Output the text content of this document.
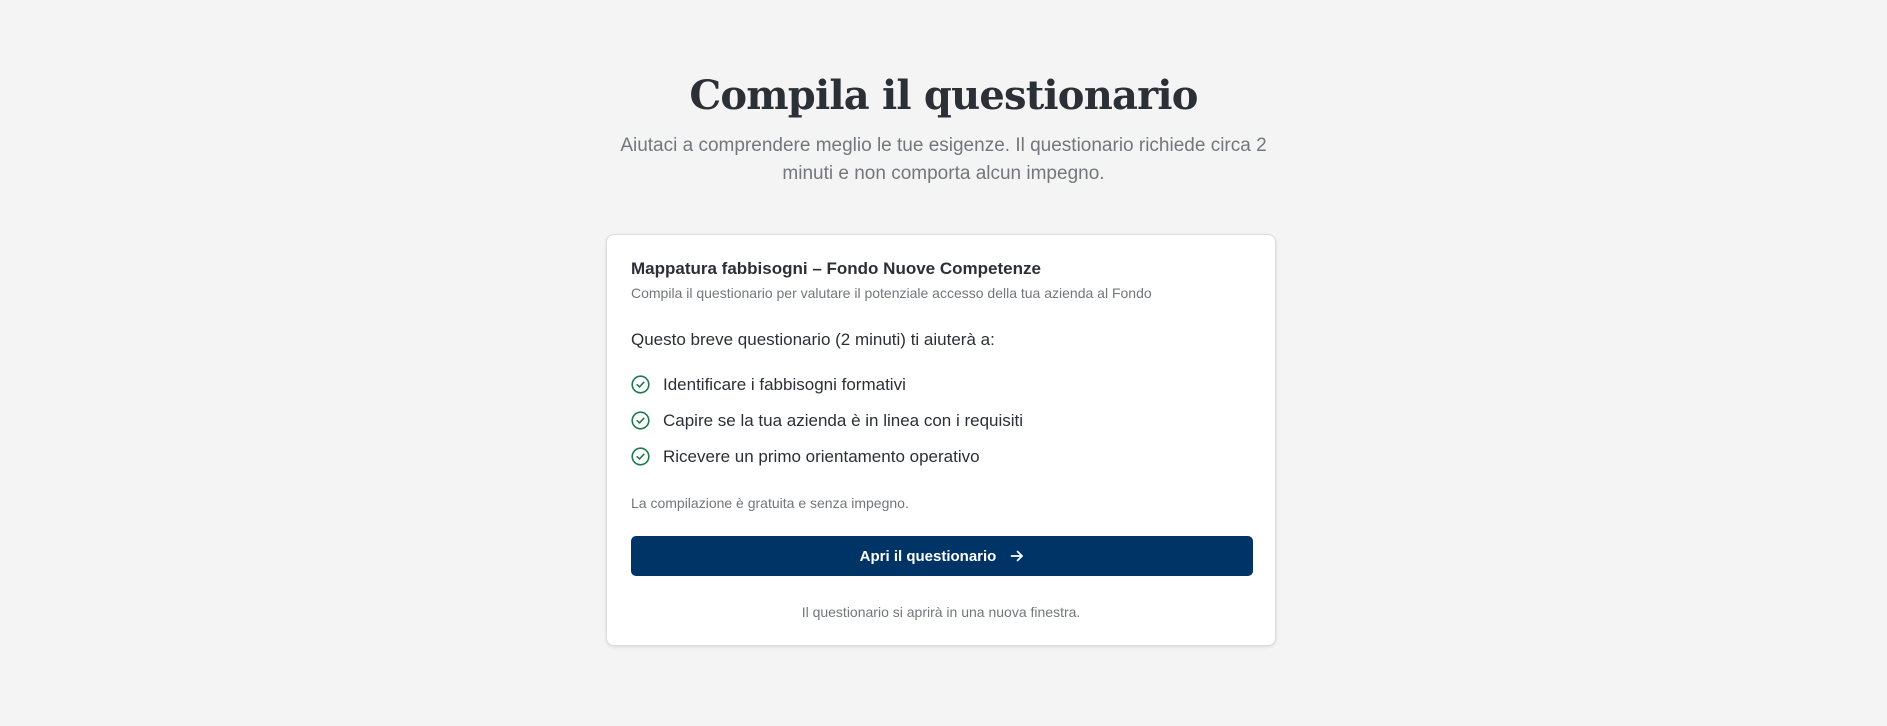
Compila il questionario

Aiutaci a comprendere meglio le tue esigenze. Il questionario richiede circa 2 minuti e non comporta alcun impegno.

Mappatura fabbisogni – Fondo Nuove Competenze

Compila il questionario per valutare il potenziale accesso della tua azienda al Fondo

Questo breve questionario (2 minuti) ti aiuterà a:

Identificare i fabbisogni formativi
Capire se la tua azienda è in linea con i requisiti
Ricevere un primo orientamento operativo

La compilazione è gratuita e senza impegno.

Apri il questionario

Il questionario si aprirà in una nuova finestra.
